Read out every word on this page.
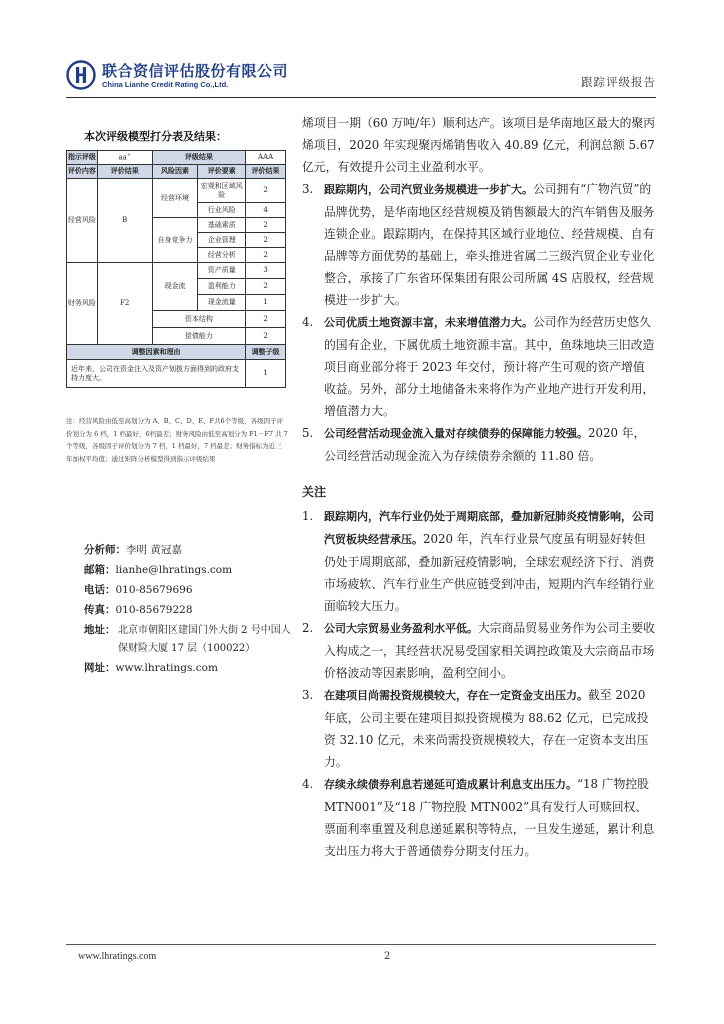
联合资信评估股份有限公司
China Lianhe Credit Rating Co.,Ltd.	跟踪评级报告
本次评级模型打分表及结果：
指示评级	aa+	评级结果		AAA
评价内容	评价结果	风险因素	评价要素	评价结果
经营风险	B	经营环境	宏观和区域风险	2
			行业风险	4
		自身竞争力	基础素质	2
			企业管理	2
			经营分析	2
财务风险	F2	现金流	资产质量	3
			盈利能力	2
			现金流量	1
		资本结构		2
		偿债能力		2
调整因素和理由				调整子级
近年来，公司在资金注入及资产划拨方面得到的政府支持力度大。				1
注：经营风险由低至高划分为 A、B、C、D、E、F共6个等级，各级因子评价划分为 6 档，1 档最好，6档最差；财务风险由低至高划分为 F1－F7 共 7 个等级，各级因子评价划分为 7 档，1 档最好，7 档最差；财务指标为近三年加权平均值；通过矩阵分析模型得到指示评级结果
分析师：李明 黄冠嘉
邮箱：lianhe@lhratings.com
电话：010-85679696
传真：010-85679228
地址： 北京市朝阳区建国门外大街 2 号中国人保财险大厦 17 层（100022）
网址：www.lhratings.com

烯项目一期（60 万吨/年）顺利达产。该项目是华南地区最大的聚丙烯项目，2020 年实现聚丙烯销售收入 40.89 亿元，利润总额 5.67 亿元，有效提升公司主业盈利水平。

3. 跟踪期内，公司汽贸业务规模进一步扩大。公司拥有“广物汽贸”的品牌优势，是华南地区经营规模及销售额最大的汽车销售及服务连锁企业。跟踪期内，在保持其区域行业地位、经营规模、自有品牌等方面优势的基础上，牵头推进省属二三级汽贸企业专业化整合，承接了广东省环保集团有限公司所属 4S 店股权，经营规模进一步扩大。
4. 公司优质土地资源丰富，未来增值潜力大。公司作为经营历史悠久的国有企业，下属优质土地资源丰富。其中，鱼珠地块三旧改造项目商业部分将于 2023 年交付，预计将产生可观的资产增值收益。另外，部分土地储备未来将作为产业地产进行开发利用，增值潜力大。
5. 公司经营活动现金流入量对存续债券的保障能力较强。2020 年，公司经营活动现金流入为存续债券余额的 11.80 倍。
关注
1. 跟踪期内，汽车行业仍处于周期底部，叠加新冠肺炎疫情影响，公司汽贸板块经营承压。2020 年，汽车行业景气度虽有明显好转但仍处于周期底部，叠加新冠疫情影响，全球宏观经济下行、消费市场疲软、汽车行业生产供应链受到冲击，短期内汽车经销行业面临较大压力。
2. 公司大宗贸易业务盈利水平低。大宗商品贸易业务作为公司主要收入构成之一，其经营状况易受国家相关调控政策及大宗商品市场价格波动等因素影响，盈利空间小。
3. 在建项目尚需投资规模较大，存在一定资金支出压力。截至 2020 年底，公司主要在建项目拟投资规模为 88.62 亿元，已完成投资 32.10 亿元，未来尚需投资规模较大，存在一定资本支出压力。
4. 存续永续债券利息若递延可造成累计利息支出压力。“18 广物控股 MTN001”及“18 广物控股 MTN002”具有发行人可赎回权、票面利率重置及利息递延累积等特点，一旦发生递延，累计利息支出压力将大于普通债券分期支付压力。
www.lhratings.com	2
